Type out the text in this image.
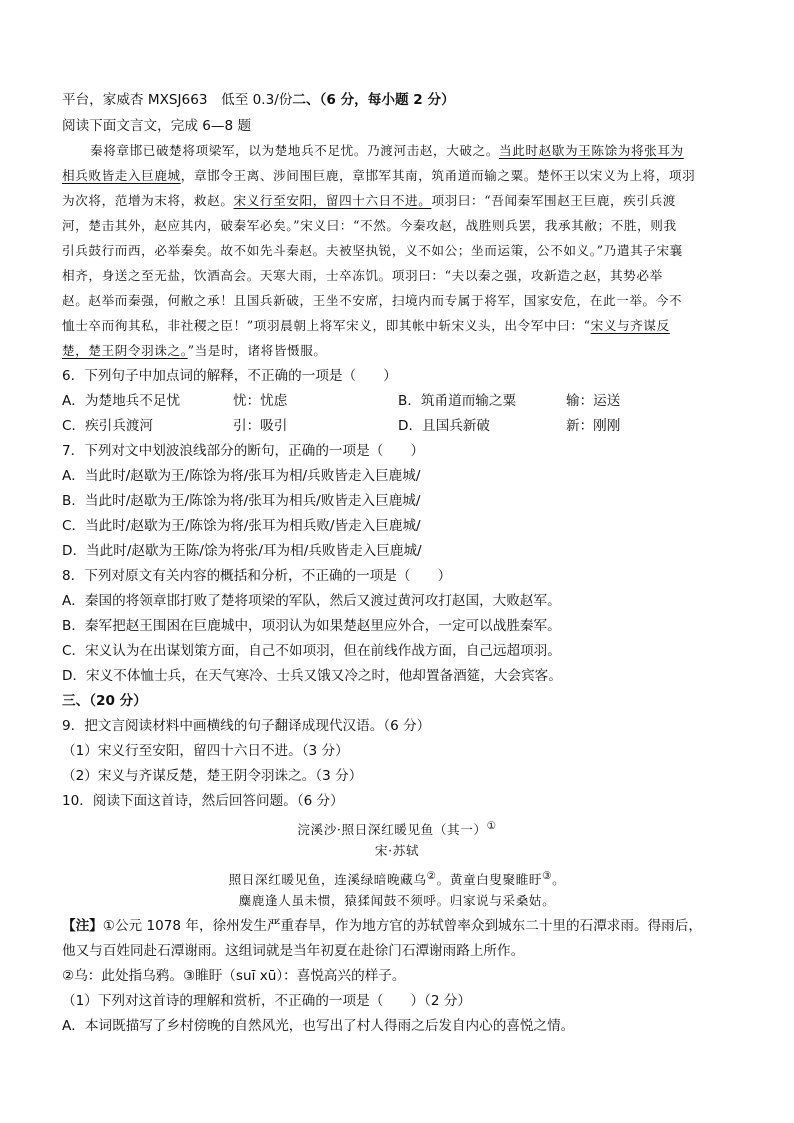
平台，家威杏 MXSJ663　低至 0.3/份二、（6 分，每小题 2 分）
阅读下面文言文，完成 6—8 题
秦将章邯已破楚将项梁军，以为楚地兵不足忧。乃渡河击赵，大破之。当此时赵歇为王陈馀为将张耳为
相兵败皆走入巨鹿城，章邯令王离、涉间围巨鹿，章邯军其南，筑甬道而输之粟。楚怀王以宋义为上将，项羽
为次将，范增为末将，救赵。宋义行至安阳，留四十六日不进。项羽曰：“吾闻秦军围赵王巨鹿，疾引兵渡
河，楚击其外，赵应其内，破秦军必矣。”宋义曰：“不然。今秦攻赵，战胜则兵罢，我承其敝；不胜，则我
引兵鼓行而西，必举秦矣。故不如先斗秦赵。夫被坚执锐，义不如公；坐而运策，公不如义。”乃遣其子宋襄
相齐，身送之至无盐，饮酒高会。天寒大雨，士卒冻饥。项羽曰：“夫以秦之强，攻新造之赵，其势必举
赵。赵举而秦强，何敝之承！且国兵新破，王坐不安席，扫境内而专属于将军，国家安危，在此一举。今不
恤士卒而徇其私，非社稷之臣！”项羽晨朝上将军宋义，即其帐中斩宋义头，出令军中曰：“宋义与齐谋反
楚，楚王阴令羽诛之。”当是时，诸将皆慑服。
6．下列句子中加点词的解释，不正确的一项是（　　）
A．为楚地兵不足忧	忧：忧虑	B．筑甬道而输之粟	输：运送
C．疾引兵渡河	引：吸引	D．且国兵新破	新：刚刚
7．下列对文中划波浪线部分的断句，正确的一项是（　　）
A．当此时/赵歇为王/陈馀为将/张耳为相/兵败皆走入巨鹿城/
B．当此时/赵歇为王/陈馀为将/张耳为相兵/败皆走入巨鹿城/
C．当此时/赵歇为王/陈馀为将/张耳为相兵败/皆走入巨鹿城/
D．当此时/赵歇为王陈/馀为将张/耳为相/兵败皆走入巨鹿城/
8．下列对原文有关内容的概括和分析，不正确的一项是（　　）
A．秦国的将领章邯打败了楚将项梁的军队，然后又渡过黄河攻打赵国，大败赵军。
B．秦军把赵王围困在巨鹿城中，项羽认为如果楚赵里应外合，一定可以战胜秦军。
C．宋义认为在出谋划策方面，自己不如项羽，但在前线作战方面，自己远超项羽。
D．宋义不体恤士兵，在天气寒冷、士兵又饿又冷之时，他却置备酒筵，大会宾客。
三、（20 分）
9．把文言阅读材料中画横线的句子翻译成现代汉语。（6 分）
（1）宋义行至安阳，留四十六日不进。（3 分）
（2）宋义与齐谋反楚，楚王阴令羽诛之。（3 分）
10．阅读下面这首诗，然后回答问题。（6 分）
浣溪沙·照日深红暖见鱼（其一）①
宋·苏轼
照日深红暖见鱼，连溪绿暗晚藏乌②。黄童白叟聚睢盱③。
麋鹿逢人虽未惯，猿猱闻鼓不须呼。归家说与采桑姑。
【注】①公元 1078 年，徐州发生严重春旱，作为地方官的苏轼曾率众到城东二十里的石潭求雨。得雨后，
他又与百姓同赴石潭谢雨。这组词就是当年初夏在赴徐门石潭谢雨路上所作。
②乌：此处指乌鸦。③睢盱（suī xū）：喜悦高兴的样子。
（1）下列对这首诗的理解和赏析，不正确的一项是（　　）（2 分）
A．本词既描写了乡村傍晚的自然风光，也写出了村人得雨之后发自内心的喜悦之情。
